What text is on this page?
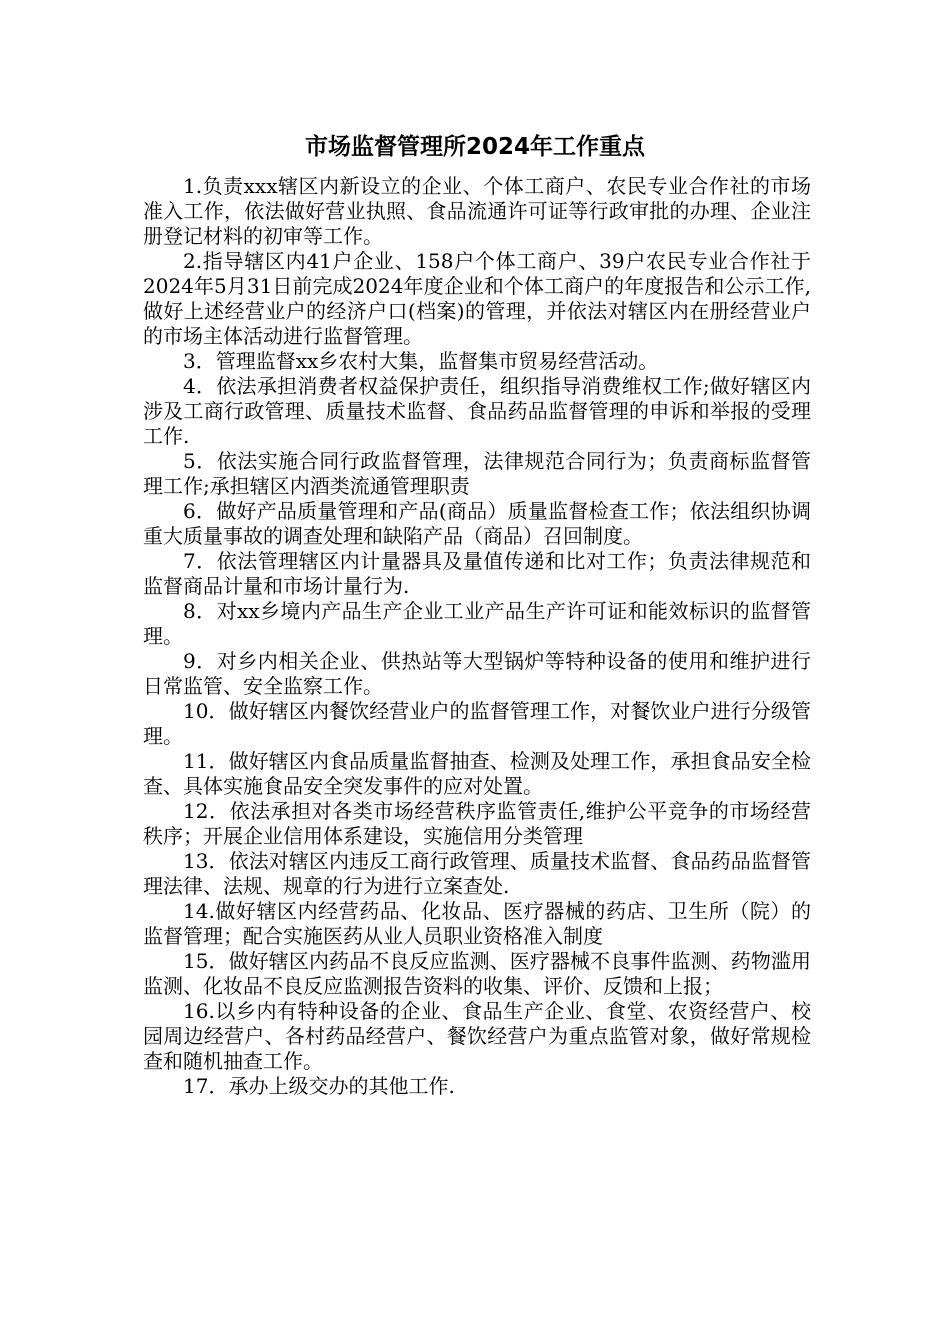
市场监督管理所2024年工作重点

1.负责xxx辖区内新设立的企业、个体工商户、农民专业合作社的市场准入工作，依法做好营业执照、食品流通许可证等行政审批的办理、企业注册登记材料的初审等工作。

2.指导辖区内41户企业、158户个体工商户、39户农民专业合作社于2024年5月31日前完成2024年度企业和个体工商户的年度报告和公示工作,做好上述经营业户的经济户口(档案)的管理，并依法对辖区内在册经营业户的市场主体活动进行监督管理。

3．管理监督xx乡农村大集，监督集市贸易经营活动。

4．依法承担消费者权益保护责任，组织指导消费维权工作;做好辖区内涉及工商行政管理、质量技术监督、食品药品监督管理的申诉和举报的受理工作.

5．依法实施合同行政监督管理，法律规范合同行为；负责商标监督管理工作;承担辖区内酒类流通管理职责

6．做好产品质量管理和产品(商品）质量监督检查工作；依法组织协调重大质量事故的调查处理和缺陷产品（商品）召回制度。

7．依法管理辖区内计量器具及量值传递和比对工作；负责法律规范和监督商品计量和市场计量行为.

8．对xx乡境内产品生产企业工业产品生产许可证和能效标识的监督管理。

9．对乡内相关企业、供热站等大型锅炉等特种设备的使用和维护进行日常监管、安全监察工作。

10．做好辖区内餐饮经营业户的监督管理工作，对餐饮业户进行分级管理。

11．做好辖区内食品质量监督抽查、检测及处理工作，承担食品安全检查、具体实施食品安全突发事件的应对处置。

12．依法承担对各类市场经营秩序监管责任,维护公平竞争的市场经营秩序；开展企业信用体系建设，实施信用分类管理

13．依法对辖区内违反工商行政管理、质量技术监督、食品药品监督管理法律、法规、规章的行为进行立案查处.

14.做好辖区内经营药品、化妆品、医疗器械的药店、卫生所（院）的监督管理；配合实施医药从业人员职业资格准入制度

15．做好辖区内药品不良反应监测、医疗器械不良事件监测、药物滥用监测、化妆品不良反应监测报告资料的收集、评价、反馈和上报；

16.以乡内有特种设备的企业、食品生产企业、食堂、农资经营户、校园周边经营户、各村药品经营户、餐饮经营户为重点监管对象，做好常规检查和随机抽查工作。

17．承办上级交办的其他工作.
